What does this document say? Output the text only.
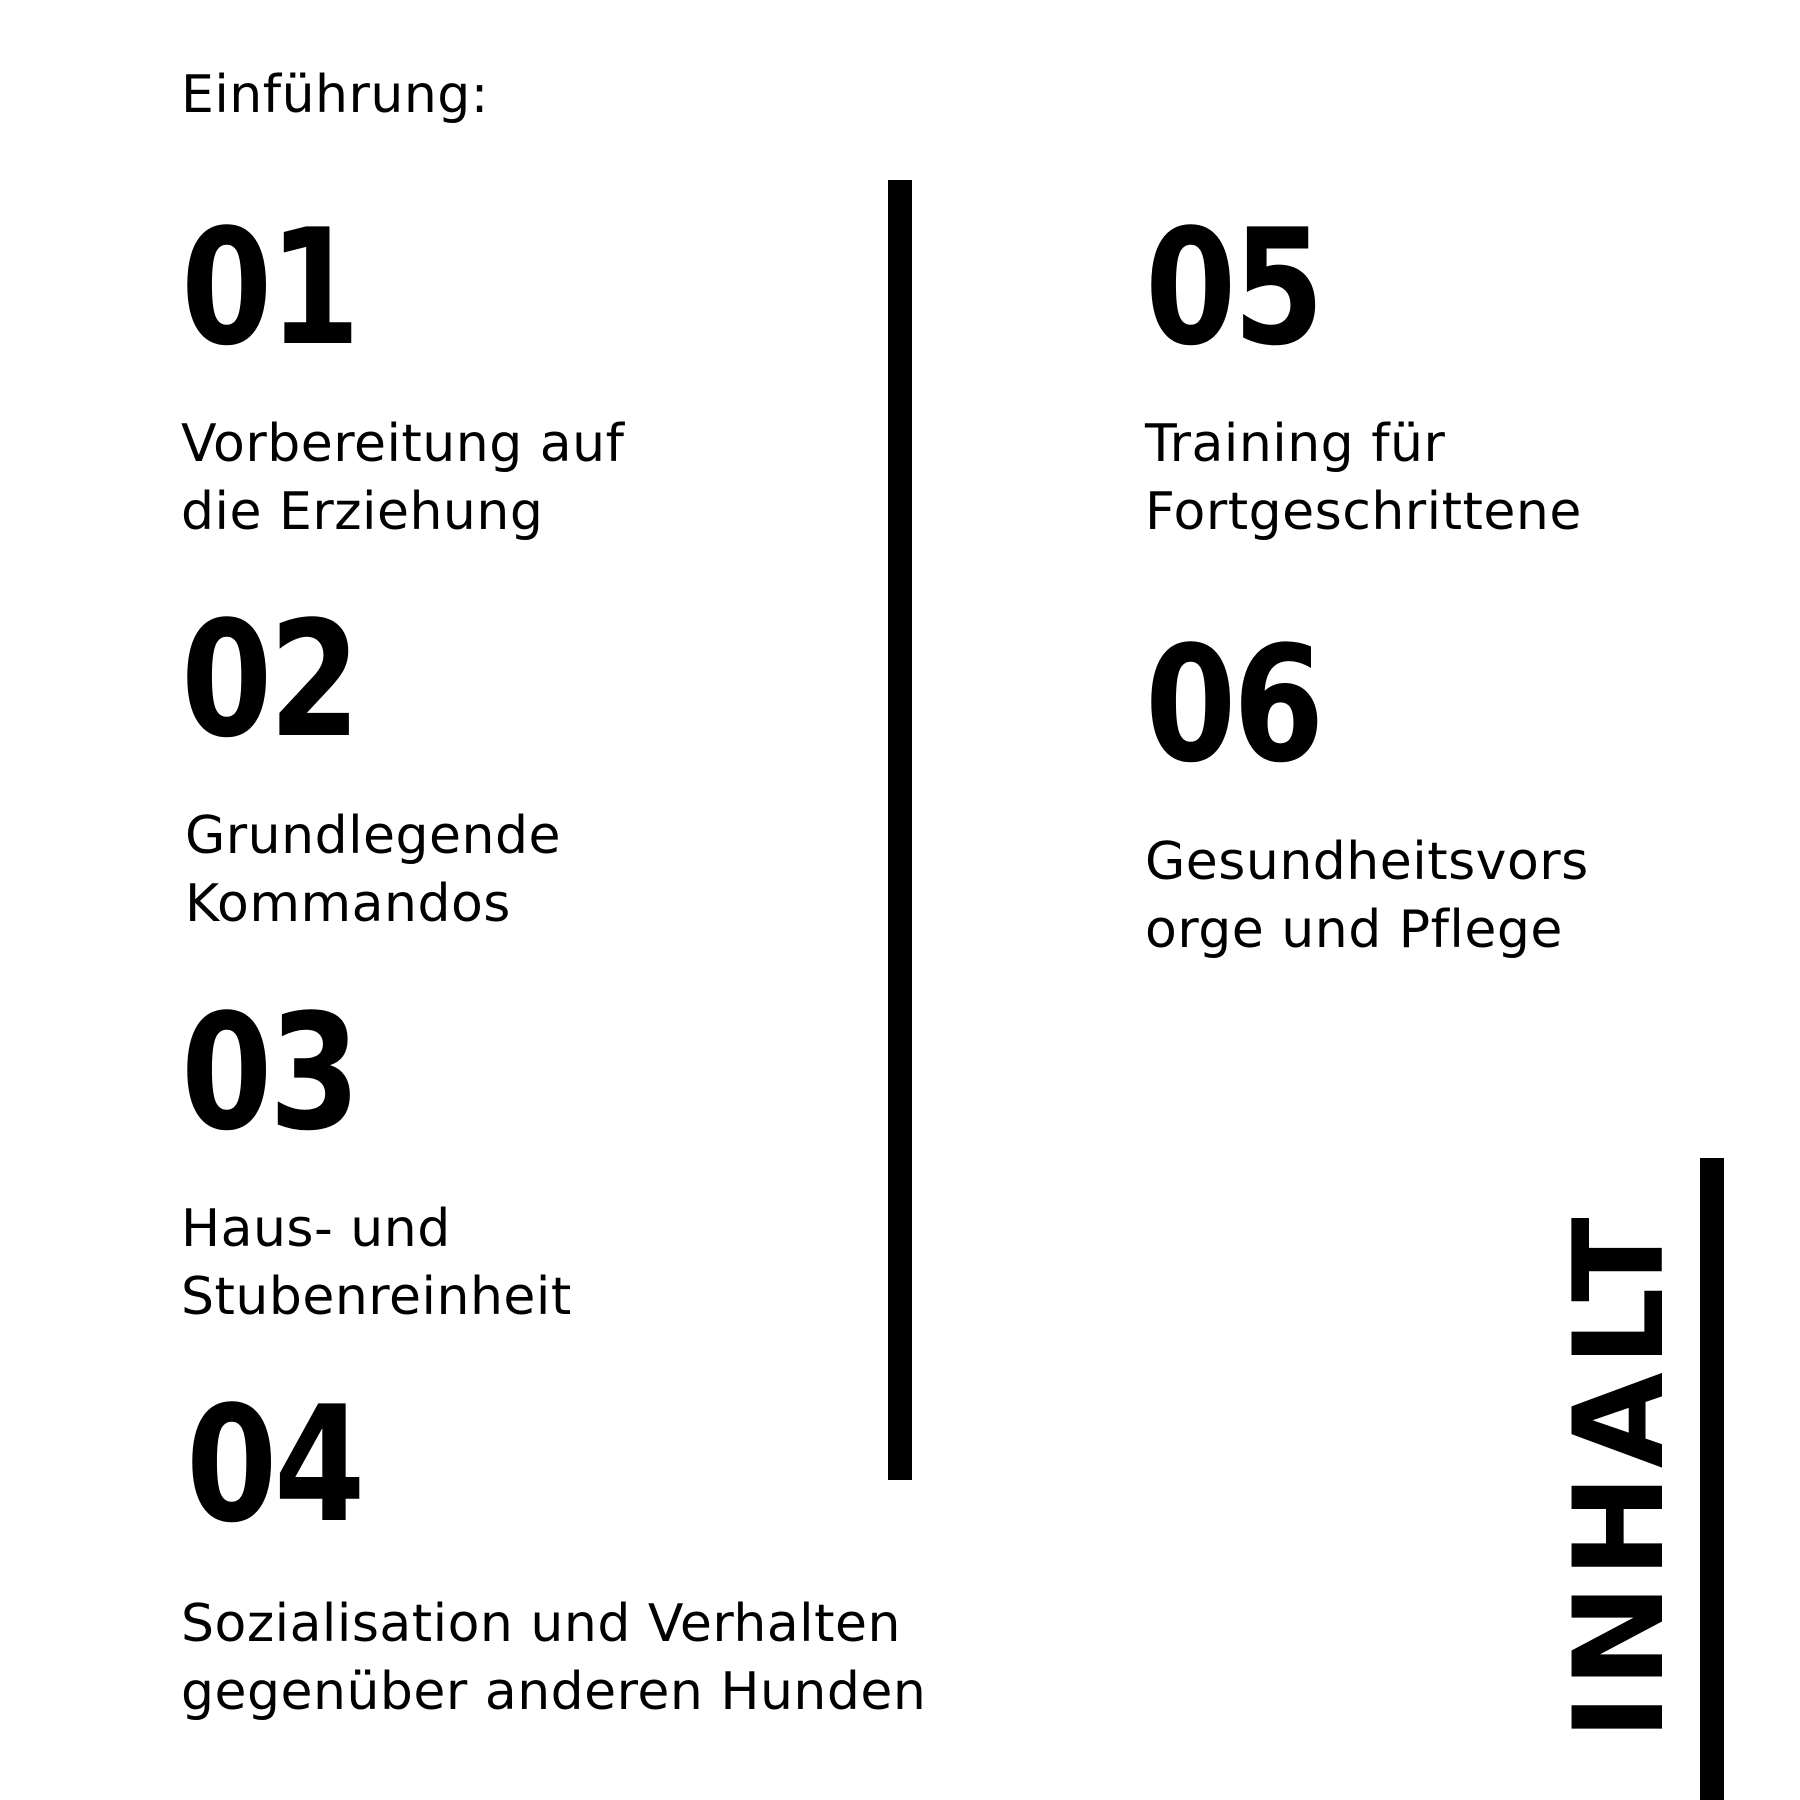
Einführung:
01
Vorbereitung auf
die Erziehung
02
Grundlegende
Kommandos
03
Haus- und
Stubenreinheit
04
Sozialisation und Verhalten
gegenüber anderen Hunden
05
Training für
Fortgeschrittene
06
Gesundheitsvors
orge und Pflege
INHALT
